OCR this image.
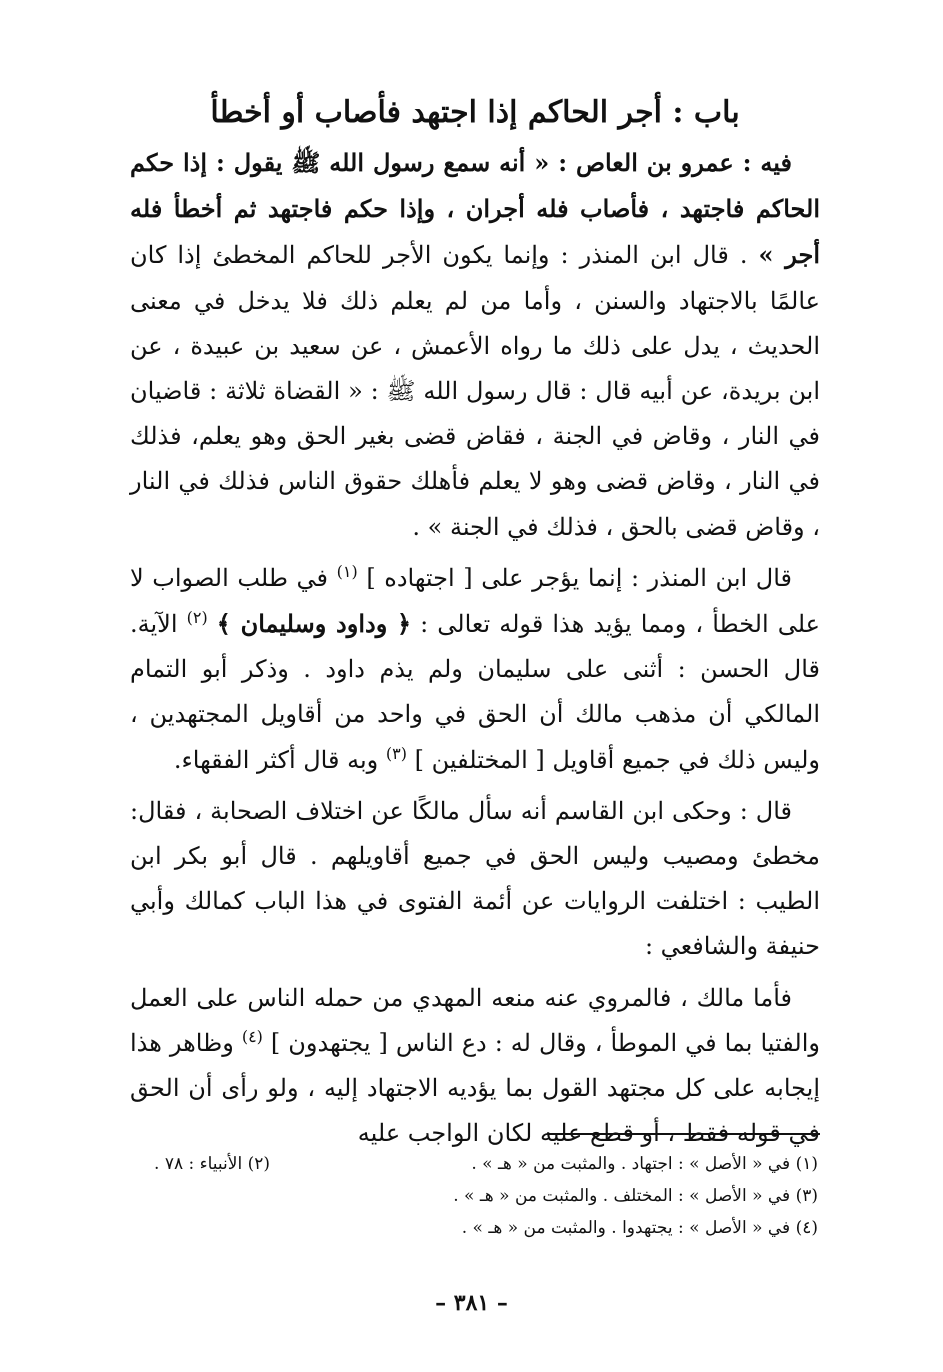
باب : أجر الحاكم إذا اجتهد فأصاب أو أخطأ

فيه : عمرو بن العاص : « أنه سمع رسول الله ﷺ يقول : إذا حكم الحاكم فاجتهد ، فأصاب فله أجران ، وإذا حكم فاجتهد ثم أخطأ فله أجر » . قال ابن المنذر : وإنما يكون الأجر للحاكم المخطئ إذا كان عالمًا بالاجتهاد والسنن ، وأما من لم يعلم ذلك فلا يدخل في معنى الحديث ، يدل على ذلك ما رواه الأعمش ، عن سعيد بن عبيدة ، عن ابن بريدة، عن أبيه قال : قال رسول الله ﷺ : « القضاة ثلاثة : قاضيان في النار ، وقاض في الجنة ، فقاض قضى بغير الحق وهو يعلم، فذلك في النار ، وقاض قضى وهو لا يعلم فأهلك حقوق الناس فذلك في النار ، وقاض قضى بالحق ، فذلك في الجنة » .

قال ابن المنذر : إنما يؤجر على [ اجتهاده ] $^{(١)}$ في طلب الصواب لا على الخطأ ، ومما يؤيد هذا قوله تعالى : ﴿ وداود وسليمان ﴾ $^{(٢)}$ الآية. قال الحسن : أثنى على سليمان ولم يذم داود . وذكر أبو التمام المالكي أن مذهب مالك أن الحق في واحد من أقاويل المجتهدين ، وليس ذلك في جميع أقاويل [ المختلفين ] $^{(٣)}$ وبه قال أكثر الفقهاء.

قال : وحكى ابن القاسم أنه سأل مالكًا عن اختلاف الصحابة ، فقال: مخطئ ومصيب وليس الحق في جميع أقاويلهم . قال أبو بكر ابن الطيب : اختلفت الروايات عن أئمة الفتوى في هذا الباب كمالك وأبي حنيفة والشافعي :

فأما مالك ، فالمروي عنه منعه المهدي من حمله الناس على العمل والفتيا بما في الموطأ ، وقال له : دع الناس [ يجتهدون ] $^{(٤)}$ وظاهر هذا إيجابه على كل مجتهد القول بما يؤديه الاجتهاد إليه ، ولو رأى أن الحق في قوله فقط ، أو قطع عليه لكان الواجب عليه

(١) في « الأصل » : اجتهاد . والمثبت من « هـ » .
(٢) الأنبياء : ٧٨ .
(٣) في « الأصل » : المختلف . والمثبت من « هـ » .
(٤) في « الأصل » : يجتهدوا . والمثبت من « هـ » .
– ٣٨١ –
